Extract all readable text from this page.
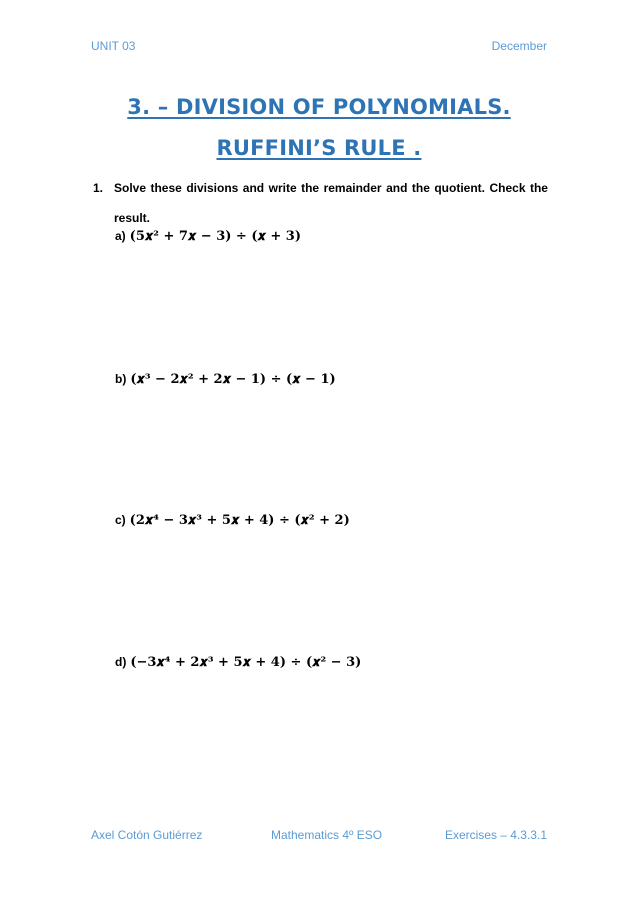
UNIT 03	December
3. – DIVISION OF POLYNOMIALS.
RUFFINI’S RULE .
1. Solve these divisions and write the remainder and the quotient. Check the
result.
a) (5𝒙² + 7𝒙 − 3) ÷ (𝒙 + 3)
b) (𝒙³ − 2𝒙² + 2𝒙 − 1) ÷ (𝒙 − 1)
c) (2𝒙⁴ − 3𝒙³ + 5𝒙 + 4) ÷ (𝒙² + 2)
d) (−3𝒙⁴ + 2𝒙³ + 5𝒙 + 4) ÷ (𝒙² − 3)
Axel Cotón Gutiérrez	Mathematics 4º ESO	Exercises – 4.3.3.1
